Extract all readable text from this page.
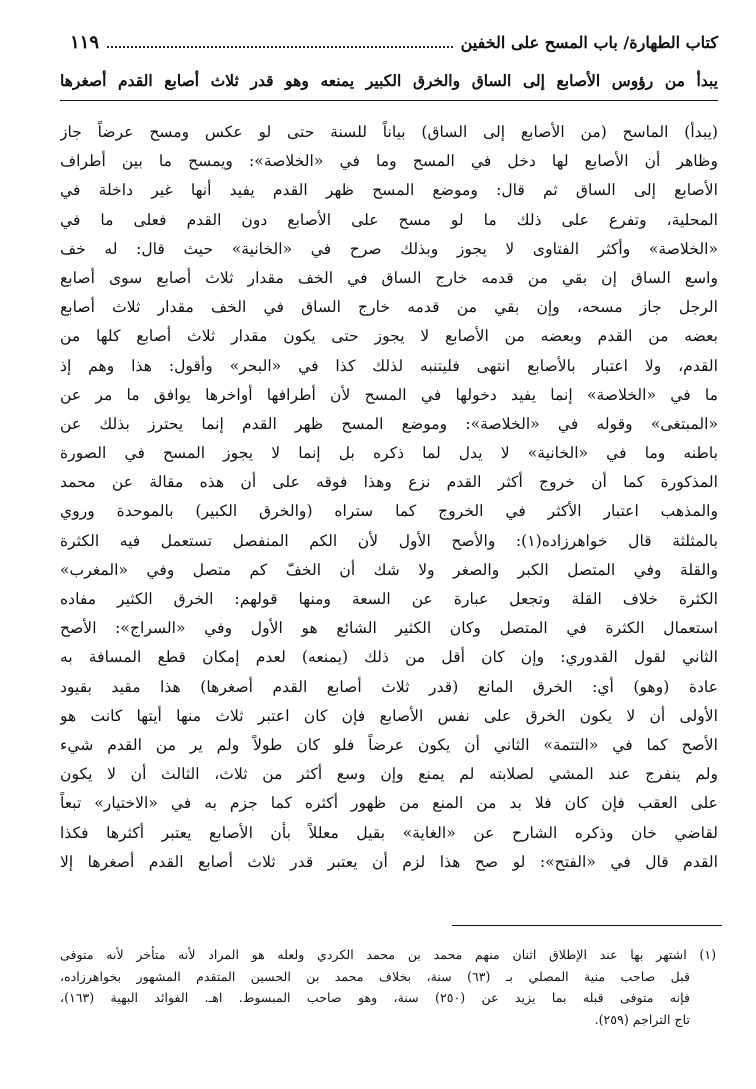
كتاب الطهارة/ باب المسح على الخفين
١١٩
يبدأ من رؤوس الأصابع إلى الساق والخرق الكبير يمنعه وهو قدر ثلاث أصابع القدم أصغرها
(يبدأ) الماسح (من الأصابع إلى الساق) بياناً للسنة حتى لو عكس ومسح عرضاً جاز
وظاهر أن الأصابع لها دخل في المسح وما في «الخلاصة»: ويمسح ما بين أطراف
الأصابع إلى الساق ثم قال: وموضع المسح ظهر القدم يفيد أنها غير داخلة في
المحلية، وتفرع على ذلك ما لو مسح على الأصابع دون القدم فعلى ما في
«الخلاصة» وأكثر الفتاوى لا يجوز وبذلك صرح في «الخانية» حيث قال: له خف
واسع الساق إن بقي من قدمه خارج الساق في الخف مقدار ثلاث أصابع سوى أصابع
الرجل جاز مسحه، وإن بقي من قدمه خارج الساق في الخف مقدار ثلاث أصابع
بعضه من القدم وبعضه من الأصابع لا يجوز حتى يكون مقدار ثلاث أصابع كلها من
القدم، ولا اعتبار بالأصابع انتهى فليتنبه لذلك كذا في «البحر» وأقول: هذا وهم إذ
ما في «الخلاصة» إنما يفيد دخولها في المسح لأن أطرافها أواخرها يوافق ما مر عن
«المبتغى» وقوله في «الخلاصة»: وموضع المسح ظهر القدم إنما يحترز بذلك عن
باطنه وما في «الخانية» لا يدل لما ذكره بل إنما لا يجوز المسح في الصورة
المذكورة كما أن خروج أكثر القدم نزع وهذا فوقه على أن هذه مقالة عن محمد
والمذهب اعتبار الأكثر في الخروج كما ستراه (والخرق الكبير) بالموحدة وروي
بالمثلثة قال خواهرزاده(١): والأصح الأول لأن الكم المنفصل تستعمل فيه الكثرة
والقلة وفي المتصل الكبر والصغر ولا شك أن الخفّ كم متصل وفي «المغرب»
الكثرة خلاف القلة وتجعل عبارة عن السعة ومنها قولهم: الخرق الكثير مفاده
استعمال الكثرة في المتصل وكان الكثير الشائع هو الأول وفي «السراج»: الأصح
الثاني لقول القدوري: وإن كان أقل من ذلك (يمنعه) لعدم إمكان قطع المسافة به
عادة (وهو) أي: الخرق المانع (قدر ثلاث أصابع القدم أصغرها) هذا مقيد بقيود
الأولى أن لا يكون الخرق على نفس الأصابع فإن كان اعتبر ثلاث منها أيتها كانت هو
الأصح كما في «التتمة» الثاني أن يكون عرضاً فلو كان طولاً ولم ير من القدم شيء
ولم ينفرج عند المشي لصلابته لم يمنع وإن وسع أكثر من ثلاث، الثالث أن لا يكون
على العقب فإن كان فلا بد من المنع من ظهور أكثره كما جزم به في «الاختيار» تبعاً
لقاضي خان وذكره الشارح عن «الغاية» بقيل معللاً بأن الأصابع يعتبر أكثرها فكذا
القدم قال في «الفتح»: لو صح هذا لزم أن يعتبر قدر ثلاث أصابع القدم أصغرها إلا
(١) اشتهر بها عند الإطلاق اثنان منهم محمد بن محمد الكردي ولعله هو المراد لأنه متأخر لأنه متوفى
قبل صاحب منية المصلي بـ (٦٣) سنة، بخلاف محمد بن الحسين المتقدم المشهور بخواهرزاده،
فإنه متوفى قبله بما يزيد عن (٢٥٠) سنة، وهو صاحب المبسوط. اهـ. الفوائد البهية (١٦٣)،
تاج التراجم (٢٥٩).
